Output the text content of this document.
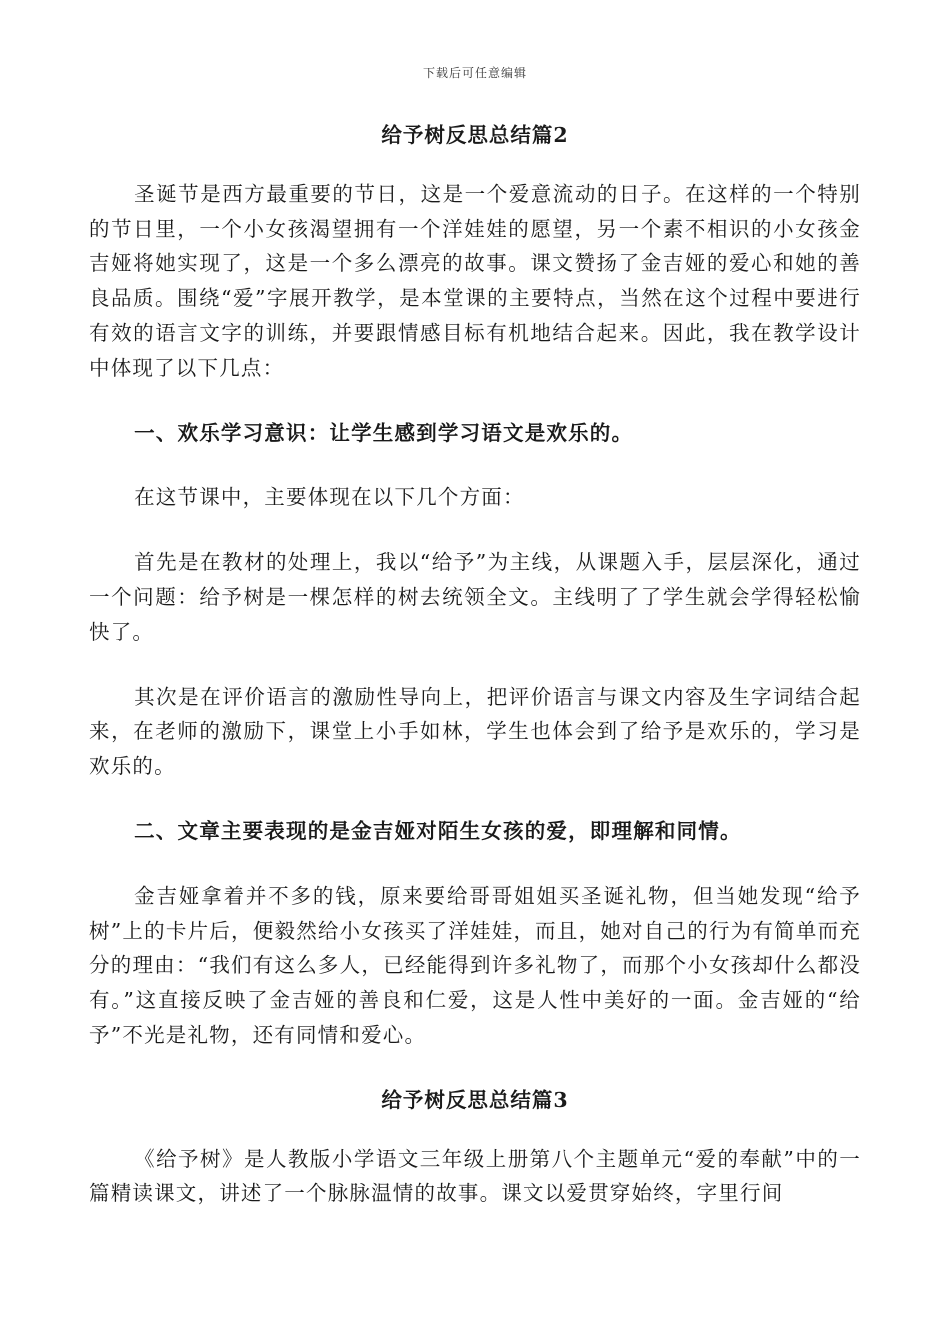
下载后可任意编辑
给予树反思总结篇2

圣诞节是西方最重要的节日，这是一个爱意流动的日子。在这样的一个特别的节日里，一个小女孩渴望拥有一个洋娃娃的愿望，另一个素不相识的小女孩金吉娅将她实现了，这是一个多么漂亮的故事。课文赞扬了金吉娅的爱心和她的善良品质。围绕“爱”字展开教学，是本堂课的主要特点，当然在这个过程中要进行有效的语言文字的训练，并要跟情感目标有机地结合起来。因此，我在教学设计中体现了以下几点：

一、欢乐学习意识：让学生感到学习语文是欢乐的。

在这节课中，主要体现在以下几个方面：

首先是在教材的处理上，我以“给予”为主线，从课题入手，层层深化，通过一个问题：给予树是一棵怎样的树去统领全文。主线明了了学生就会学得轻松愉快了。

其次是在评价语言的激励性导向上，把评价语言与课文内容及生字词结合起来，在老师的激励下，课堂上小手如林，学生也体会到了给予是欢乐的，学习是欢乐的。

二、文章主要表现的是金吉娅对陌生女孩的爱，即理解和同情。

金吉娅拿着并不多的钱，原来要给哥哥姐姐买圣诞礼物，但当她发现“给予树”上的卡片后，便毅然给小女孩买了洋娃娃，而且，她对自己的行为有简单而充分的理由：“我们有这么多人，已经能得到许多礼物了，而那个小女孩却什么都没有。”这直接反映了金吉娅的善良和仁爱，这是人性中美好的一面。金吉娅的“给予”不光是礼物，还有同情和爱心。

给予树反思总结篇3

《给予树》是人教版小学语文三年级上册第八个主题单元“爱的奉献”中的一篇精读课文，讲述了一个脉脉温情的故事。课文以爱贯穿始终，字里行间
